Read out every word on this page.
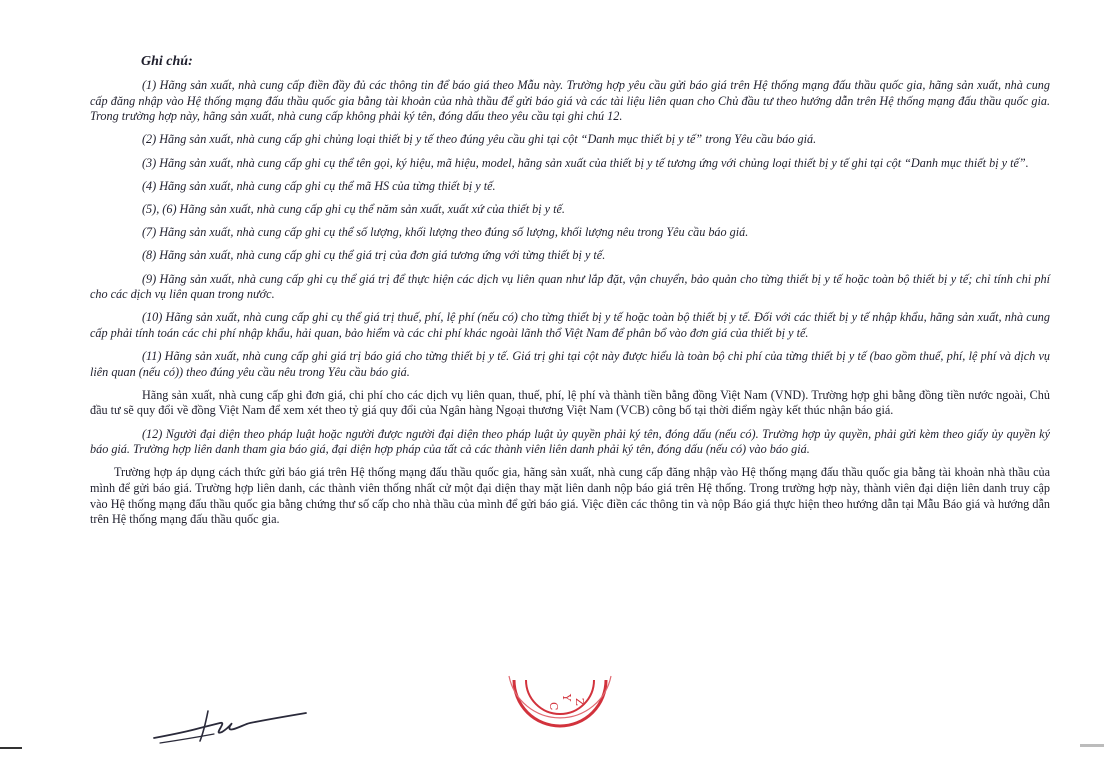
Ghi chú:

(1) Hãng sản xuất, nhà cung cấp điền đầy đủ các thông tin để báo giá theo Mẫu này. Trường hợp yêu cầu gửi báo giá trên Hệ thống mạng đấu thầu quốc gia, hãng sản xuất, nhà cung cấp đăng nhập vào Hệ thống mạng đấu thầu quốc gia bằng tài khoản của nhà thầu để gửi báo giá và các tài liệu liên quan cho Chủ đầu tư theo hướng dẫn trên Hệ thống mạng đấu thầu quốc gia. Trong trường hợp này, hãng sản xuất, nhà cung cấp không phải ký tên, đóng dấu theo yêu cầu tại ghi chú 12.

(2) Hãng sản xuất, nhà cung cấp ghi chủng loại thiết bị y tế theo đúng yêu cầu ghi tại cột “Danh mục thiết bị y tế” trong Yêu cầu báo giá.

(3) Hãng sản xuất, nhà cung cấp ghi cụ thể tên gọi, ký hiệu, mã hiệu, model, hãng sản xuất của thiết bị y tế tương ứng với chủng loại thiết bị y tế ghi tại cột “Danh mục thiết bị y tế”.

(4) Hãng sản xuất, nhà cung cấp ghi cụ thể mã HS của từng thiết bị y tế.

(5), (6) Hãng sản xuất, nhà cung cấp ghi cụ thể năm sản xuất, xuất xứ của thiết bị y tế.

(7) Hãng sản xuất, nhà cung cấp ghi cụ thể số lượng, khối lượng theo đúng số lượng, khối lượng nêu trong Yêu cầu báo giá.

(8) Hãng sản xuất, nhà cung cấp ghi cụ thể giá trị của đơn giá tương ứng với từng thiết bị y tế.

(9) Hãng sản xuất, nhà cung cấp ghi cụ thể giá trị để thực hiện các dịch vụ liên quan như lắp đặt, vận chuyển, bảo quản cho từng thiết bị y tế hoặc toàn bộ thiết bị y tế; chỉ tính chi phí cho các dịch vụ liên quan trong nước.

(10) Hãng sản xuất, nhà cung cấp ghi cụ thể giá trị thuế, phí, lệ phí (nếu có) cho từng thiết bị y tế hoặc toàn bộ thiết bị y tế. Đối với các thiết bị y tế nhập khẩu, hãng sản xuất, nhà cung cấp phải tính toán các chi phí nhập khẩu, hải quan, bảo hiểm và các chi phí khác ngoài lãnh thổ Việt Nam để phân bổ vào đơn giá của thiết bị y tế.

(11) Hãng sản xuất, nhà cung cấp ghi giá trị báo giá cho từng thiết bị y tế. Giá trị ghi tại cột này được hiểu là toàn bộ chi phí của từng thiết bị y tế (bao gồm thuế, phí, lệ phí và dịch vụ liên quan (nếu có)) theo đúng yêu cầu nêu trong Yêu cầu báo giá.

Hãng sản xuất, nhà cung cấp ghi đơn giá, chi phí cho các dịch vụ liên quan, thuế, phí, lệ phí và thành tiền bằng đồng Việt Nam (VND). Trường hợp ghi bằng đồng tiền nước ngoài, Chủ đầu tư sẽ quy đổi về đồng Việt Nam để xem xét theo tỷ giá quy đổi của Ngân hàng Ngoại thương Việt Nam (VCB) công bố tại thời điểm ngày kết thúc nhận báo giá.

(12) Người đại diện theo pháp luật hoặc người được người đại diện theo pháp luật ủy quyền phải ký tên, đóng dấu (nếu có). Trường hợp ủy quyền, phải gửi kèm theo giấy ủy quyền ký báo giá. Trường hợp liên danh tham gia báo giá, đại diện hợp pháp của tất cả các thành viên liên danh phải ký tên, đóng dấu (nếu có) vào báo giá.

Trường hợp áp dụng cách thức gửi báo giá trên Hệ thống mạng đấu thầu quốc gia, hãng sản xuất, nhà cung cấp đăng nhập vào Hệ thống mạng đấu thầu quốc gia bằng tài khoản nhà thầu của mình để gửi báo giá. Trường hợp liên danh, các thành viên thống nhất cử một đại diện thay mặt liên danh nộp báo giá trên Hệ thống. Trong trường hợp này, thành viên đại diện liên danh truy cập vào Hệ thống mạng đấu thầu quốc gia bằng chứng thư số cấp cho nhà thầu của mình để gửi báo giá. Việc điền các thông tin và nộp Báo giá thực hiện theo hướng dẫn tại Mẫu Báo giá và hướng dẫn trên Hệ thống mạng đấu thầu quốc gia.

C
Y
Z
